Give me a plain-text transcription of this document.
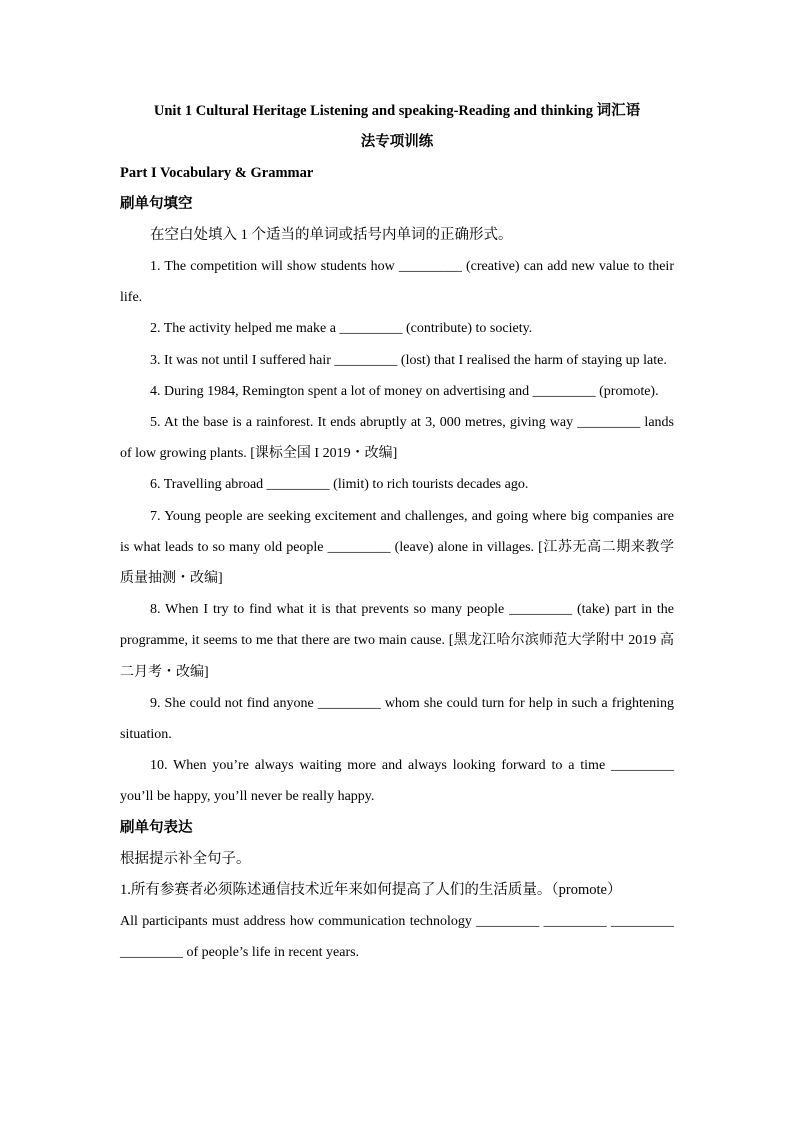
Unit 1 Cultural Heritage Listening and speaking-Reading and thinking 词汇语
法专项训练

Part I Vocabulary & Grammar

刷单句填空

在空白处填入 1 个适当的单词或括号内单词的正确形式。

1. The competition will show students how _________ (creative) can add new value to their life.

2. The activity helped me make a _________ (contribute) to society.

3. It was not until I suffered hair _________ (lost) that I realised the harm of staying up late.

4. During 1984, Remington spent a lot of money on advertising and _________ (promote).

5. At the base is a rainforest. It ends abruptly at 3, 000 metres, giving way _________ lands of low growing plants. [课标全国 I 2019・改编]

6. Travelling abroad _________ (limit) to rich tourists decades ago.

7. Young people are seeking excitement and challenges, and going where big companies are is what leads to so many old people _________ (leave) alone in villages. [江苏无高二期来教学质量抽测・改编]

8. When I try to find what it is that prevents so many people _________ (take) part in the programme, it seems to me that there are two main cause. [黑龙江哈尔滨师范大学附中 2019 高二月考・改编]

9. She could not find anyone _________ whom she could turn for help in such a frightening situation.

10. When you’re always waiting more and always looking forward to a time _________ you’ll be happy, you’ll never be really happy.

刷单句表达

根据提示补全句子。

1.所有参赛者必须陈述通信技术近年来如何提高了人们的生活质量。（promote）

All participants must address how communication technology _________ _________ _________ _________ of people’s life in recent years.
